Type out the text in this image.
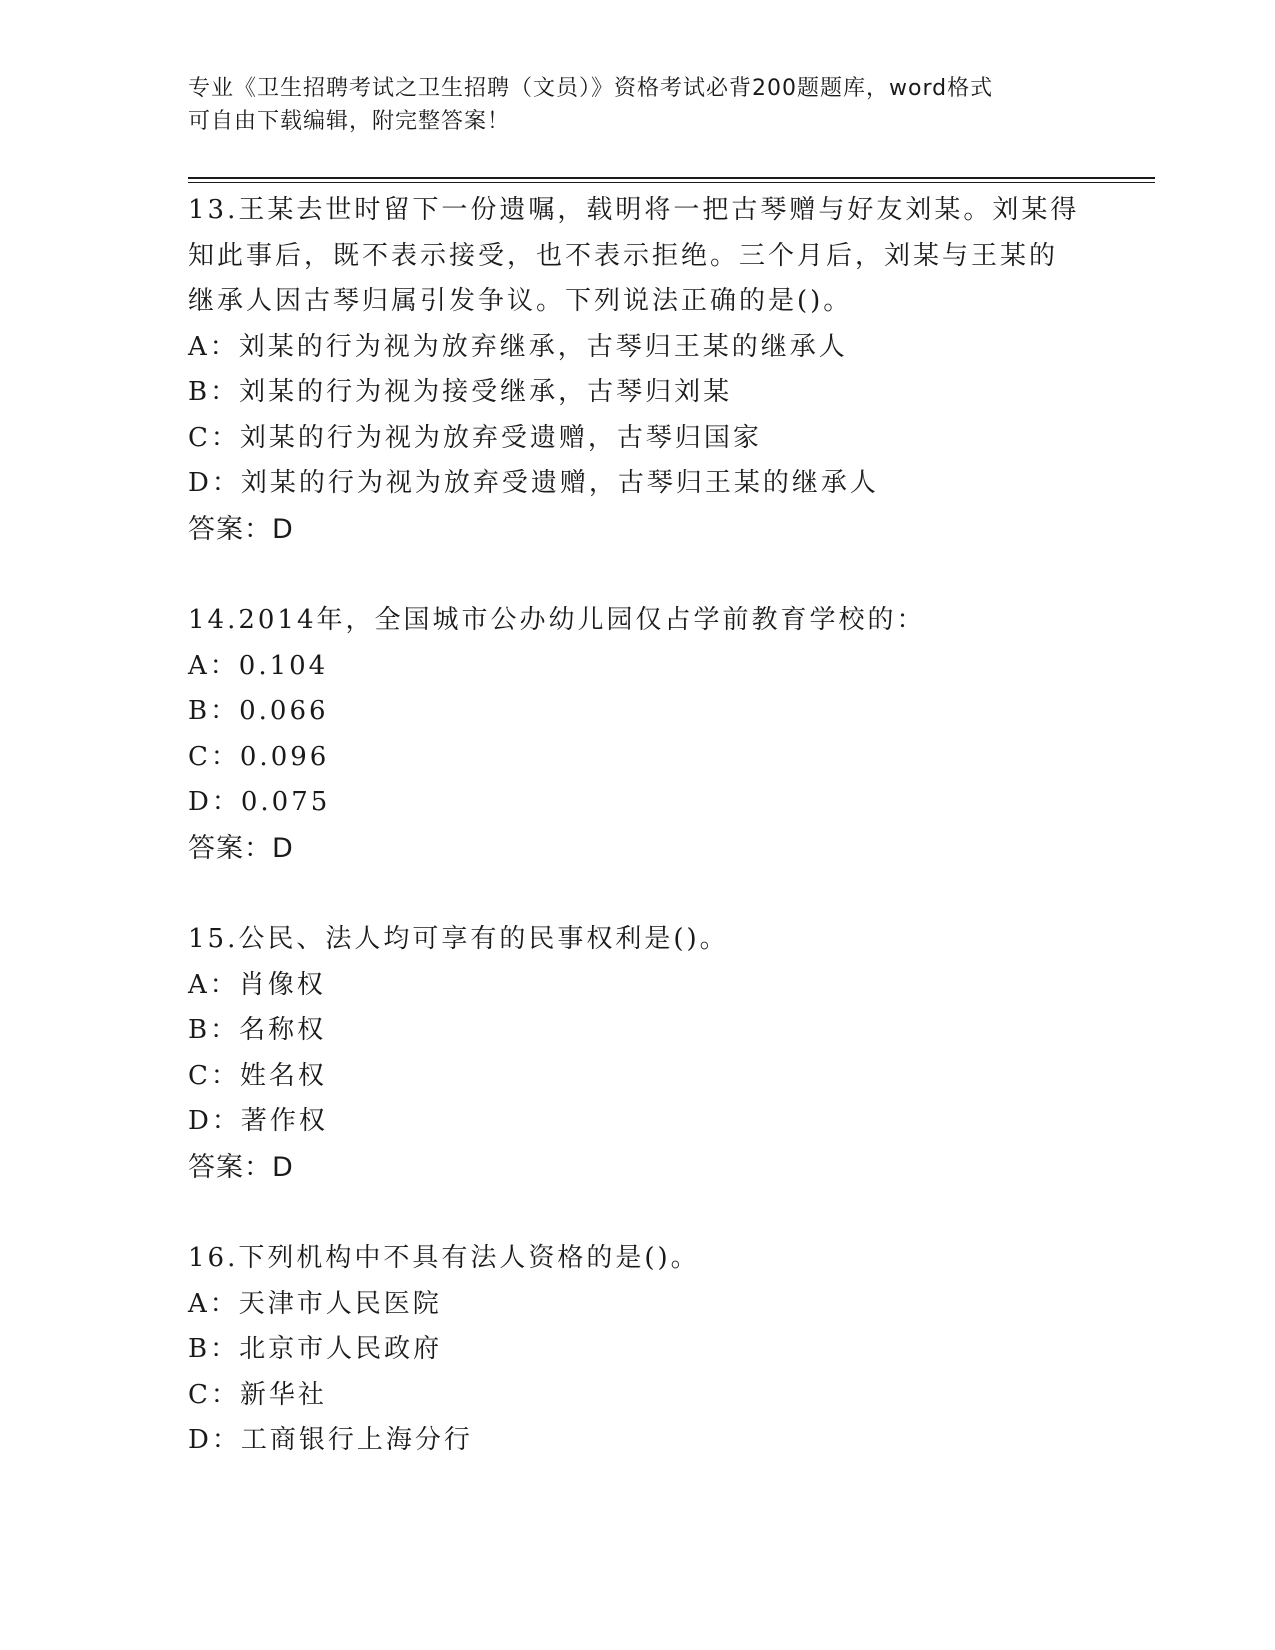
专业《卫生招聘考试之卫生招聘（文员）》资格考试必背200题题库，word格式
可自由下载编辑，附完整答案！
13.王某去世时留下一份遗嘱，载明将一把古琴赠与好友刘某。刘某得
知此事后，既不表示接受，也不表示拒绝。三个月后，刘某与王某的
继承人因古琴归属引发争议。下列说法正确的是()。
A：刘某的行为视为放弃继承，古琴归王某的继承人
B：刘某的行为视为接受继承，古琴归刘某
C：刘某的行为视为放弃受遗赠，古琴归国家
D：刘某的行为视为放弃受遗赠，古琴归王某的继承人
答案：D
14.2014年，全国城市公办幼儿园仅占学前教育学校的：
A：0.104
B：0.066
C：0.096
D：0.075
答案：D
15.公民、法人均可享有的民事权利是()。
A：肖像权
B：名称权
C：姓名权
D：著作权
答案：D
16.下列机构中不具有法人资格的是()。
A：天津市人民医院
B：北京市人民政府
C：新华社
D：工商银行上海分行
